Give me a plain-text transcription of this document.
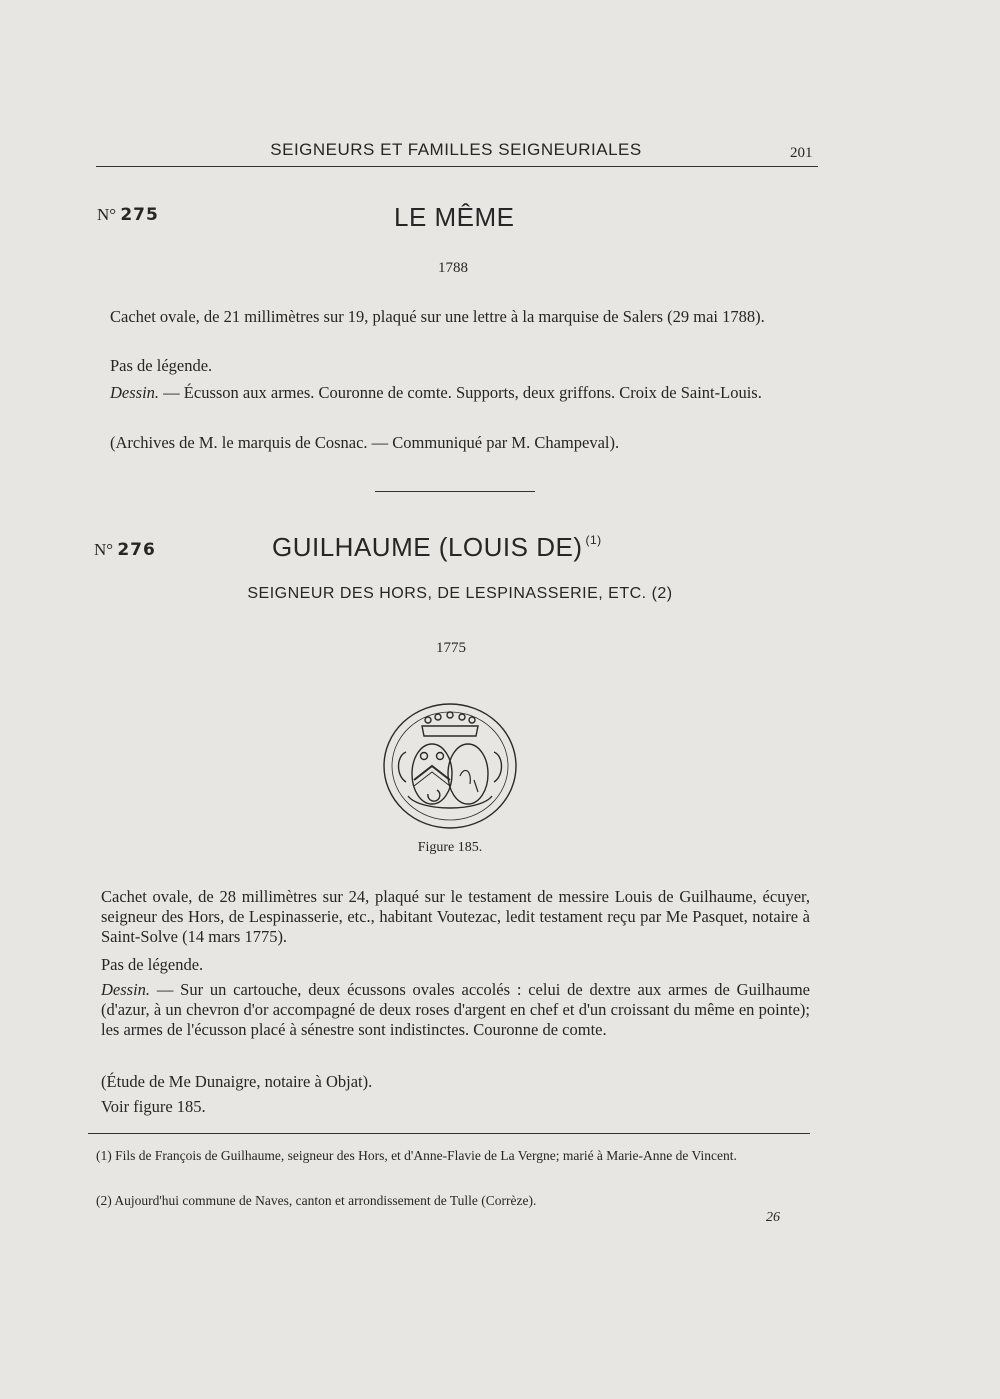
SEIGNEURS ET FAMILLES SEIGNEURIALES	201
N° 275	LE MÊME
1788

Cachet ovale, de 21 millimètres sur 19, plaqué sur une lettre à la marquise de Salers (29 mai 1788).

Pas de légende.

Dessin. — Écusson aux armes. Couronne de comte. Supports, deux griffons. Croix de Saint-Louis.

(Archives de M. le marquis de Cosnac. — Communiqué par M. Champeval).

N° 276	GUILHAUME (LOUIS DE) $^{(1)}$
SEIGNEUR DES HORS, DE LESPINASSERIE, ETC. (2)
1775
Figure 185.

Cachet ovale, de 28 millimètres sur 24, plaqué sur le testament de messire Louis de Guilhaume, écuyer, seigneur des Hors, de Lespinasserie, etc., habitant Voutezac, ledit testament reçu par Me Pasquet, notaire à Saint-Solve (14 mars 1775).

Pas de légende.

Dessin. — Sur un cartouche, deux écussons ovales accolés : celui de dextre aux armes de Guilhaume (d'azur, à un chevron d'or accompagné de deux roses d'argent en chef et d'un croissant du même en pointe); les armes de l'écusson placé à sénestre sont indistinctes. Couronne de comte.

(Étude de Me Dunaigre, notaire à Objat).

Voir figure 185.

(1) Fils de François de Guilhaume, seigneur des Hors, et d'Anne-Flavie de La Vergne; marié à Marie-Anne de Vincent.

(2) Aujourd'hui commune de Naves, canton et arrondissement de Tulle (Corrèze).

26
